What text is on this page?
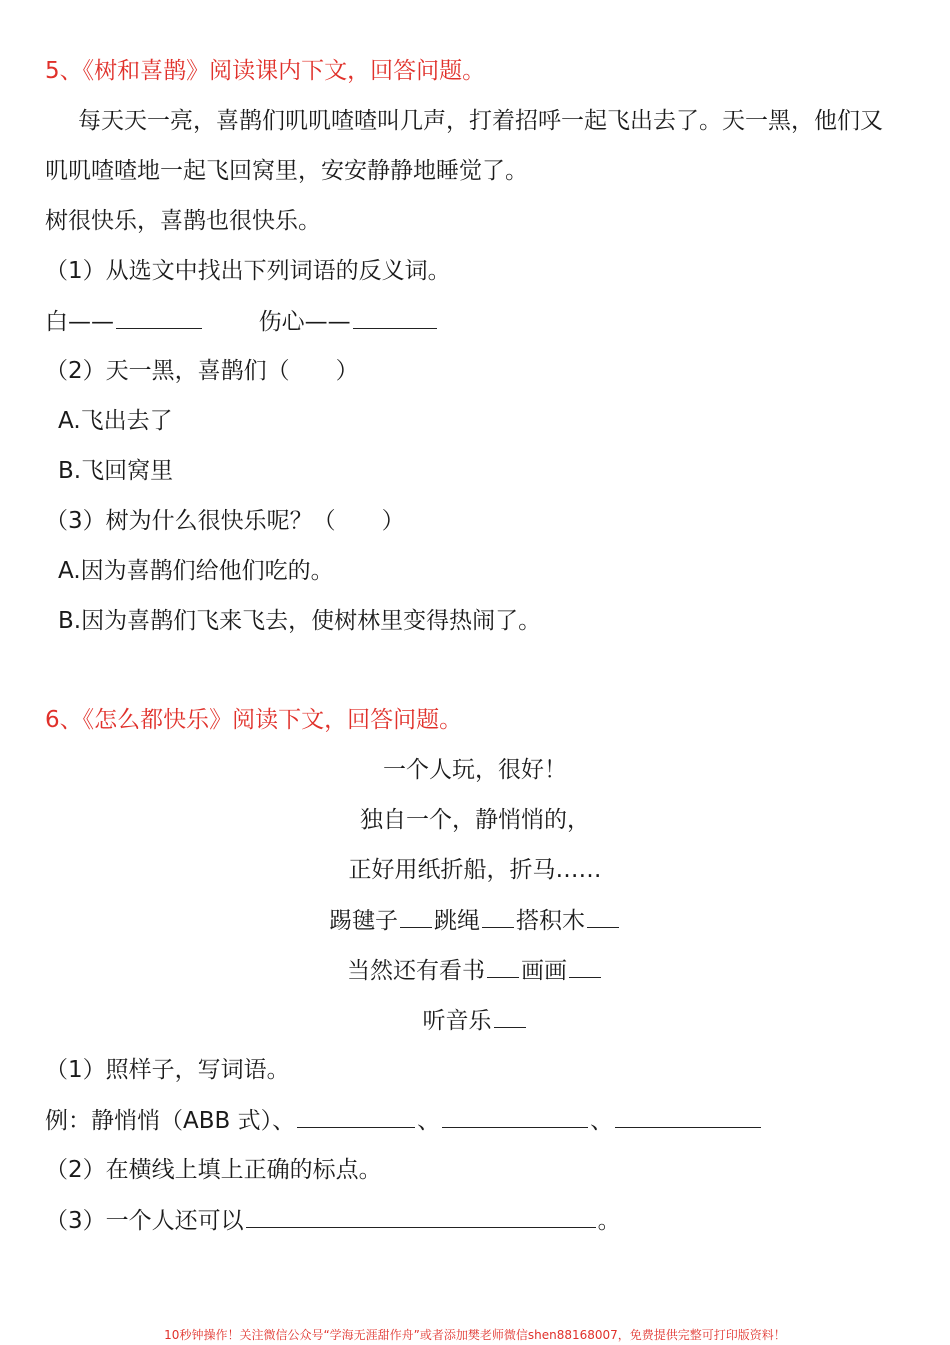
5、《树和喜鹊》阅读课内下文，回答问题。
每天天一亮，喜鹊们叽叽喳喳叫几声，打着招呼一起飞出去了。天一黑，他们又
叽叽喳喳地一起飞回窝里，安安静静地睡觉了。
树很快乐，喜鹊也很快乐。
（1）从选文中找出下列词语的反义词。
白——	伤心——
（2）天一黑，喜鹊们（　　）
A.飞出去了
B.飞回窝里
（3）树为什么很快乐呢？（　　）
A.因为喜鹊们给他们吃的。
B.因为喜鹊们飞来飞去，使树林里变得热闹了。
6、《怎么都快乐》阅读下文，回答问题。
一个人玩，很好！
独自一个，静悄悄的，
正好用纸折船，折马……
踢毽子 跳绳 搭积木
当然还有看书 画画
听音乐
（1）照样子，写词语。
例：静悄悄（ABB 式）、	、	、
（2）在横线上填上正确的标点。
（3）一个人还可以	。
10秒钟操作！关注微信公众号“学海无涯甜作舟”或者添加樊老师微信shen88168007，免费提供完整可打印版资料！
